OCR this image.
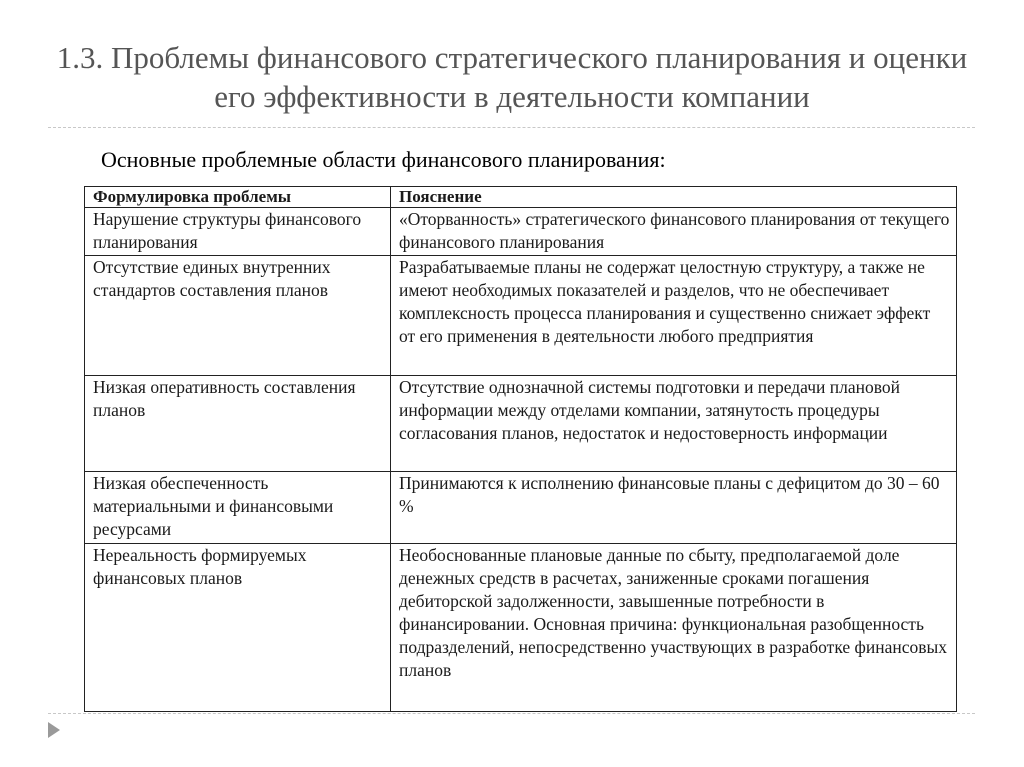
1.3. Проблемы финансового стратегического планирования и оценки его эффективности в деятельности компании

Основные проблемные области финансового планирования:

Формулировка проблемы	Пояснение
Нарушение структуры финансового планирования	«Оторванность» стратегического финансового планирования от текущего финансового планирования
Отсутствие единых внутренних стандартов составления планов	Разрабатываемые планы не содержат целостную структуру, а также не имеют необходимых показателей и разделов, что не обеспечивает комплексность процесса планирования и существенно снижает эффект от его применения в деятельности любого предприятия
Низкая оперативность составления планов	Отсутствие однозначной системы подготовки и передачи плановой информации между отделами компании, затянутость процедуры согласования планов, недостаток и недостоверность информации
Низкая обеспеченность материальными и финансовыми ресурсами	Принимаются к исполнению финансовые планы с дефицитом до 30 – 60 %
Нереальность формируемых финансовых планов	Необоснованные плановые данные по сбыту, предполагаемой доле денежных средств в расчетах, заниженные сроками погашения дебиторской задолженности, завышенные потребности в финансировании. Основная причина: функциональная разобщенность подразделений, непосредственно участвующих в разработке финансовых планов
